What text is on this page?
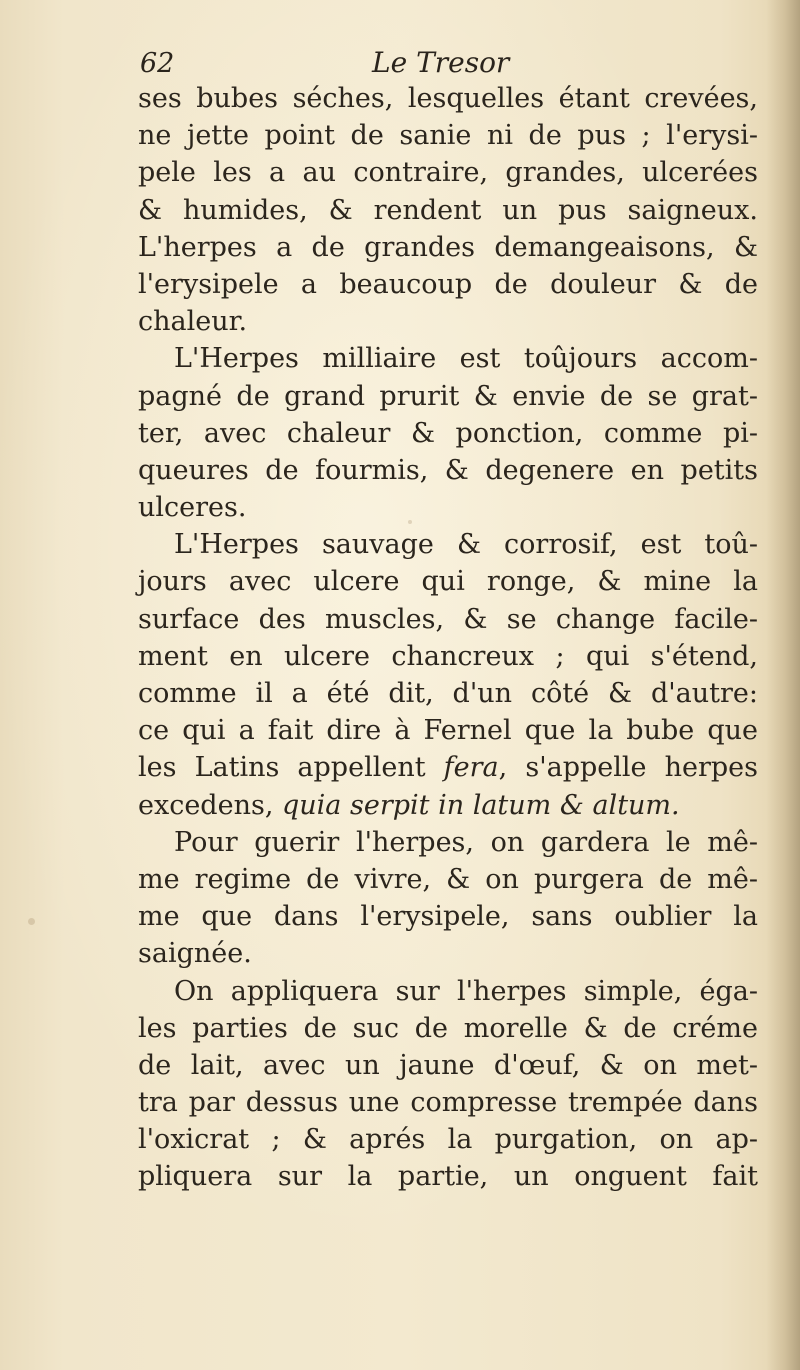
62	Le Tresor
ses bubes séches, lesquelles étant crevées,
ne jette point de sanie ni de pus ; l'erysi-
pele les a au contraire, grandes, ulcerées
& humides, & rendent un pus saigneux.
L'herpes a de grandes demangeaisons, &
l'erysipele a beaucoup de douleur & de
chaleur.
L'Herpes milliaire est toûjours accom-
pagné de grand prurit & envie de se grat-
ter, avec chaleur & ponction, comme pi-
queures de fourmis, & degenere en petits
ulceres.
L'Herpes sauvage & corrosif, est toû-
jours avec ulcere qui ronge, & mine la
surface des muscles, & se change facile-
ment en ulcere chancreux ; qui s'étend,
comme il a été dit, d'un côté & d'autre:
ce qui a fait dire à Fernel que la bube que
les Latins appellent fera, s'appelle herpes
excedens, quia serpit in latum & altum.
Pour guerir l'herpes, on gardera le mê-
me regime de vivre, & on purgera de mê-
me que dans l'erysipele, sans oublier la
saignée.
On appliquera sur l'herpes simple, éga-
les parties de suc de morelle & de créme
de lait, avec un jaune d'œuf, & on met-
tra par dessus une compresse trempée dans
l'oxicrat ; & aprés la purgation, on ap-
pliquera sur la partie, un onguent fait
